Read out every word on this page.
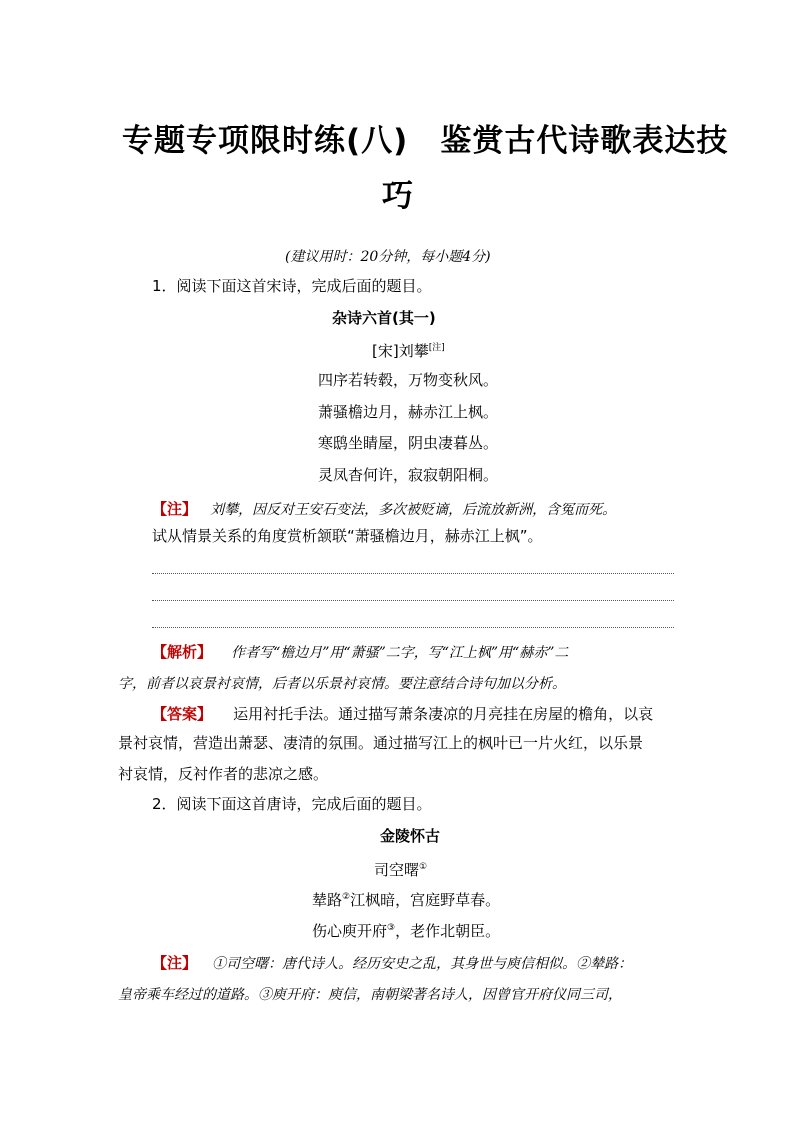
专题专项限时练(八)　鉴赏古代诗歌表达技
巧
(建议用时：20分钟，每小题4分)
1．阅读下面这首宋诗，完成后面的题目。
杂诗六首(其一)
[宋]刘攀[注]
四序若转毂，万物变秋风。
萧骚檐边月，赫赤江上枫。
寒鸱坐睛屋，阴虫凄暮丛。
灵凤杳何许，寂寂朝阳桐。
【注】 刘攀，因反对王安石变法，多次被贬谪，后流放新洲，含冤而死。
试从情景关系的角度赏析颔联“萧骚檐边月，赫赤江上枫”。
【解析】 作者写“檐边月”用“萧骚”二字，写“江上枫”用“赫赤”二
字，前者以哀景衬哀情，后者以乐景衬哀情。要注意结合诗句加以分析。
【答案】 运用衬托手法。通过描写萧条凄凉的月亮挂在房屋的檐角，以哀
景衬哀情，营造出萧瑟、凄清的氛围。通过描写江上的枫叶已一片火红，以乐景
衬哀情，反衬作者的悲凉之感。
2．阅读下面这首唐诗，完成后面的题目。
金陵怀古
司空曙①
辇路②江枫暗，宫庭野草春。
伤心庾开府③，老作北朝臣。
【注】 ①司空曙：唐代诗人。经历安史之乱，其身世与庾信相似。②辇路：
皇帝乘车经过的道路。③庾开府：庾信，南朝梁著名诗人，因曾官开府仪同三司，
